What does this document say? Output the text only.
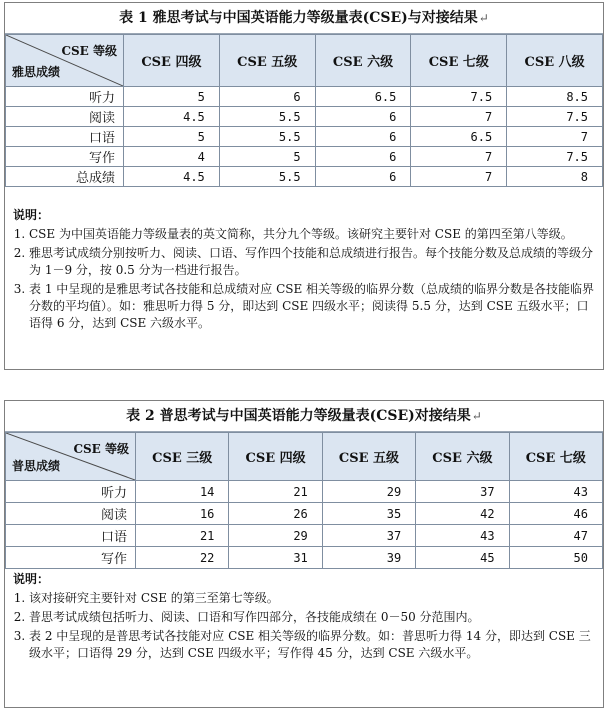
表 1 雅思考试与中国英语能力等级量表(CSE)与对接结果↵
CSE 等级
雅思成绩	CSE 四级	CSE 五级	CSE 六级	CSE 七级	CSE 八级
听力	5	6	6.5	7.5	8.5
阅读	4.5	5.5	6	7	7.5
口语	5	5.5	6	6.5	7
写作	4	5	6	7	7.5
总成绩	4.5	5.5	6	7	8
说明：
1. CSE 为中国英语能力等级量表的英文简称，共分九个等级。该研究主要针对 CSE 的第四至第八等级。
2. 雅思考试成绩分别按听力、阅读、口语、写作四个技能和总成绩进行报告。每个技能分数及总成绩的等级分为 1－9 分，按 0.5 分为一档进行报告。
3. 表 1 中呈现的是雅思考试各技能和总成绩对应 CSE 相关等级的临界分数（总成绩的临界分数是各技能临界分数的平均值）。如：雅思听力得 5 分，即达到 CSE 四级水平；阅读得 5.5 分，达到 CSE 五级水平；口语得 6 分，达到 CSE 六级水平。
表 2 普思考试与中国英语能力等级量表(CSE)对接结果↵
CSE 等级
普思成绩	CSE 三级	CSE 四级	CSE 五级	CSE 六级	CSE 七级
听力	14	21	29	37	43
阅读	16	26	35	42	46
口语	21	29	37	43	47
写作	22	31	39	45	50
说明：
1. 该对接研究主要针对 CSE 的第三至第七等级。
2. 普思考试成绩包括听力、阅读、口语和写作四部分，各技能成绩在 0－50 分范围内。
3. 表 2 中呈现的是普思考试各技能对应 CSE 相关等级的临界分数。如：普思听力得 14 分，即达到 CSE 三级水平；口语得 29 分，达到 CSE 四级水平；写作得 45 分，达到 CSE 六级水平。
